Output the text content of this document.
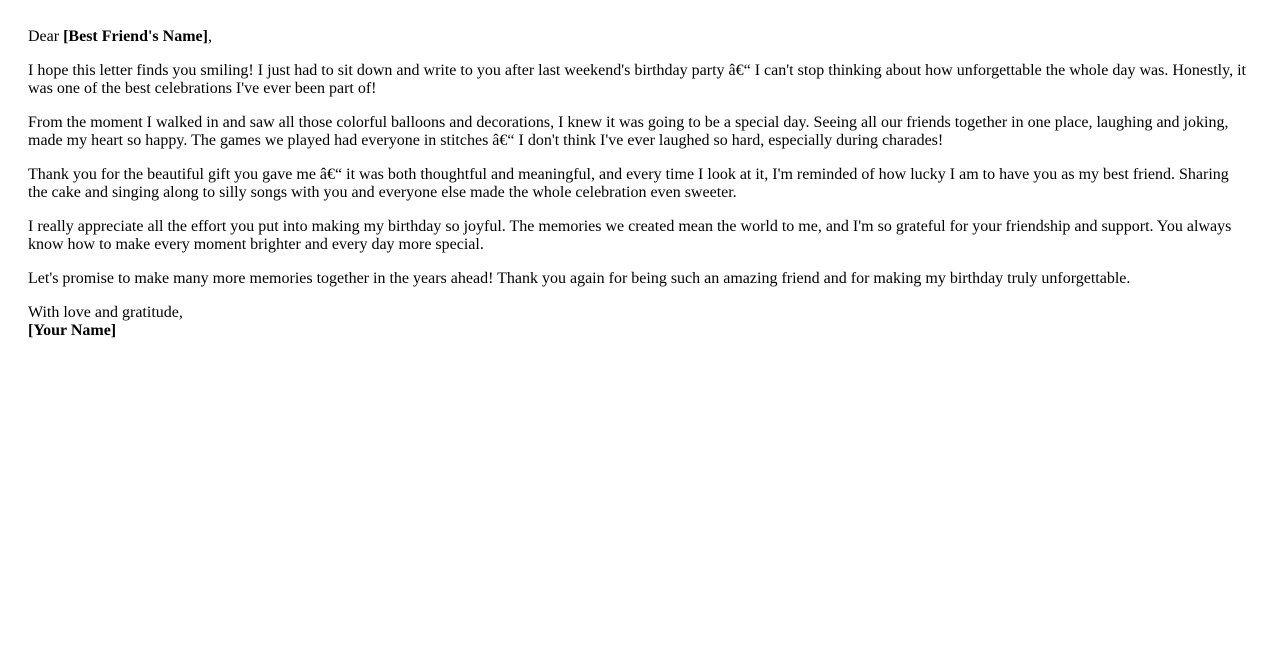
Dear [Best Friend's Name],

I hope this letter finds you smiling! I just had to sit down and write to you after last weekend's birthday party â€“ I can't stop thinking about how unforgettable the whole day was. Honestly, it was one of the best celebrations I've ever been part of!

From the moment I walked in and saw all those colorful balloons and decorations, I knew it was going to be a special day. Seeing all our friends together in one place, laughing and joking, made my heart so happy. The games we played had everyone in stitches â€“ I don't think I've ever laughed so hard, especially during charades!

Thank you for the beautiful gift you gave me â€“ it was both thoughtful and meaningful, and every time I look at it, I'm reminded of how lucky I am to have you as my best friend. Sharing the cake and singing along to silly songs with you and everyone else made the whole celebration even sweeter.

I really appreciate all the effort you put into making my birthday so joyful. The memories we created mean the world to me, and I'm so grateful for your friendship and support. You always know how to make every moment brighter and every day more special.

Let's promise to make many more memories together in the years ahead! Thank you again for being such an amazing friend and for making my birthday truly unforgettable.

With love and gratitude,

[Your Name]
